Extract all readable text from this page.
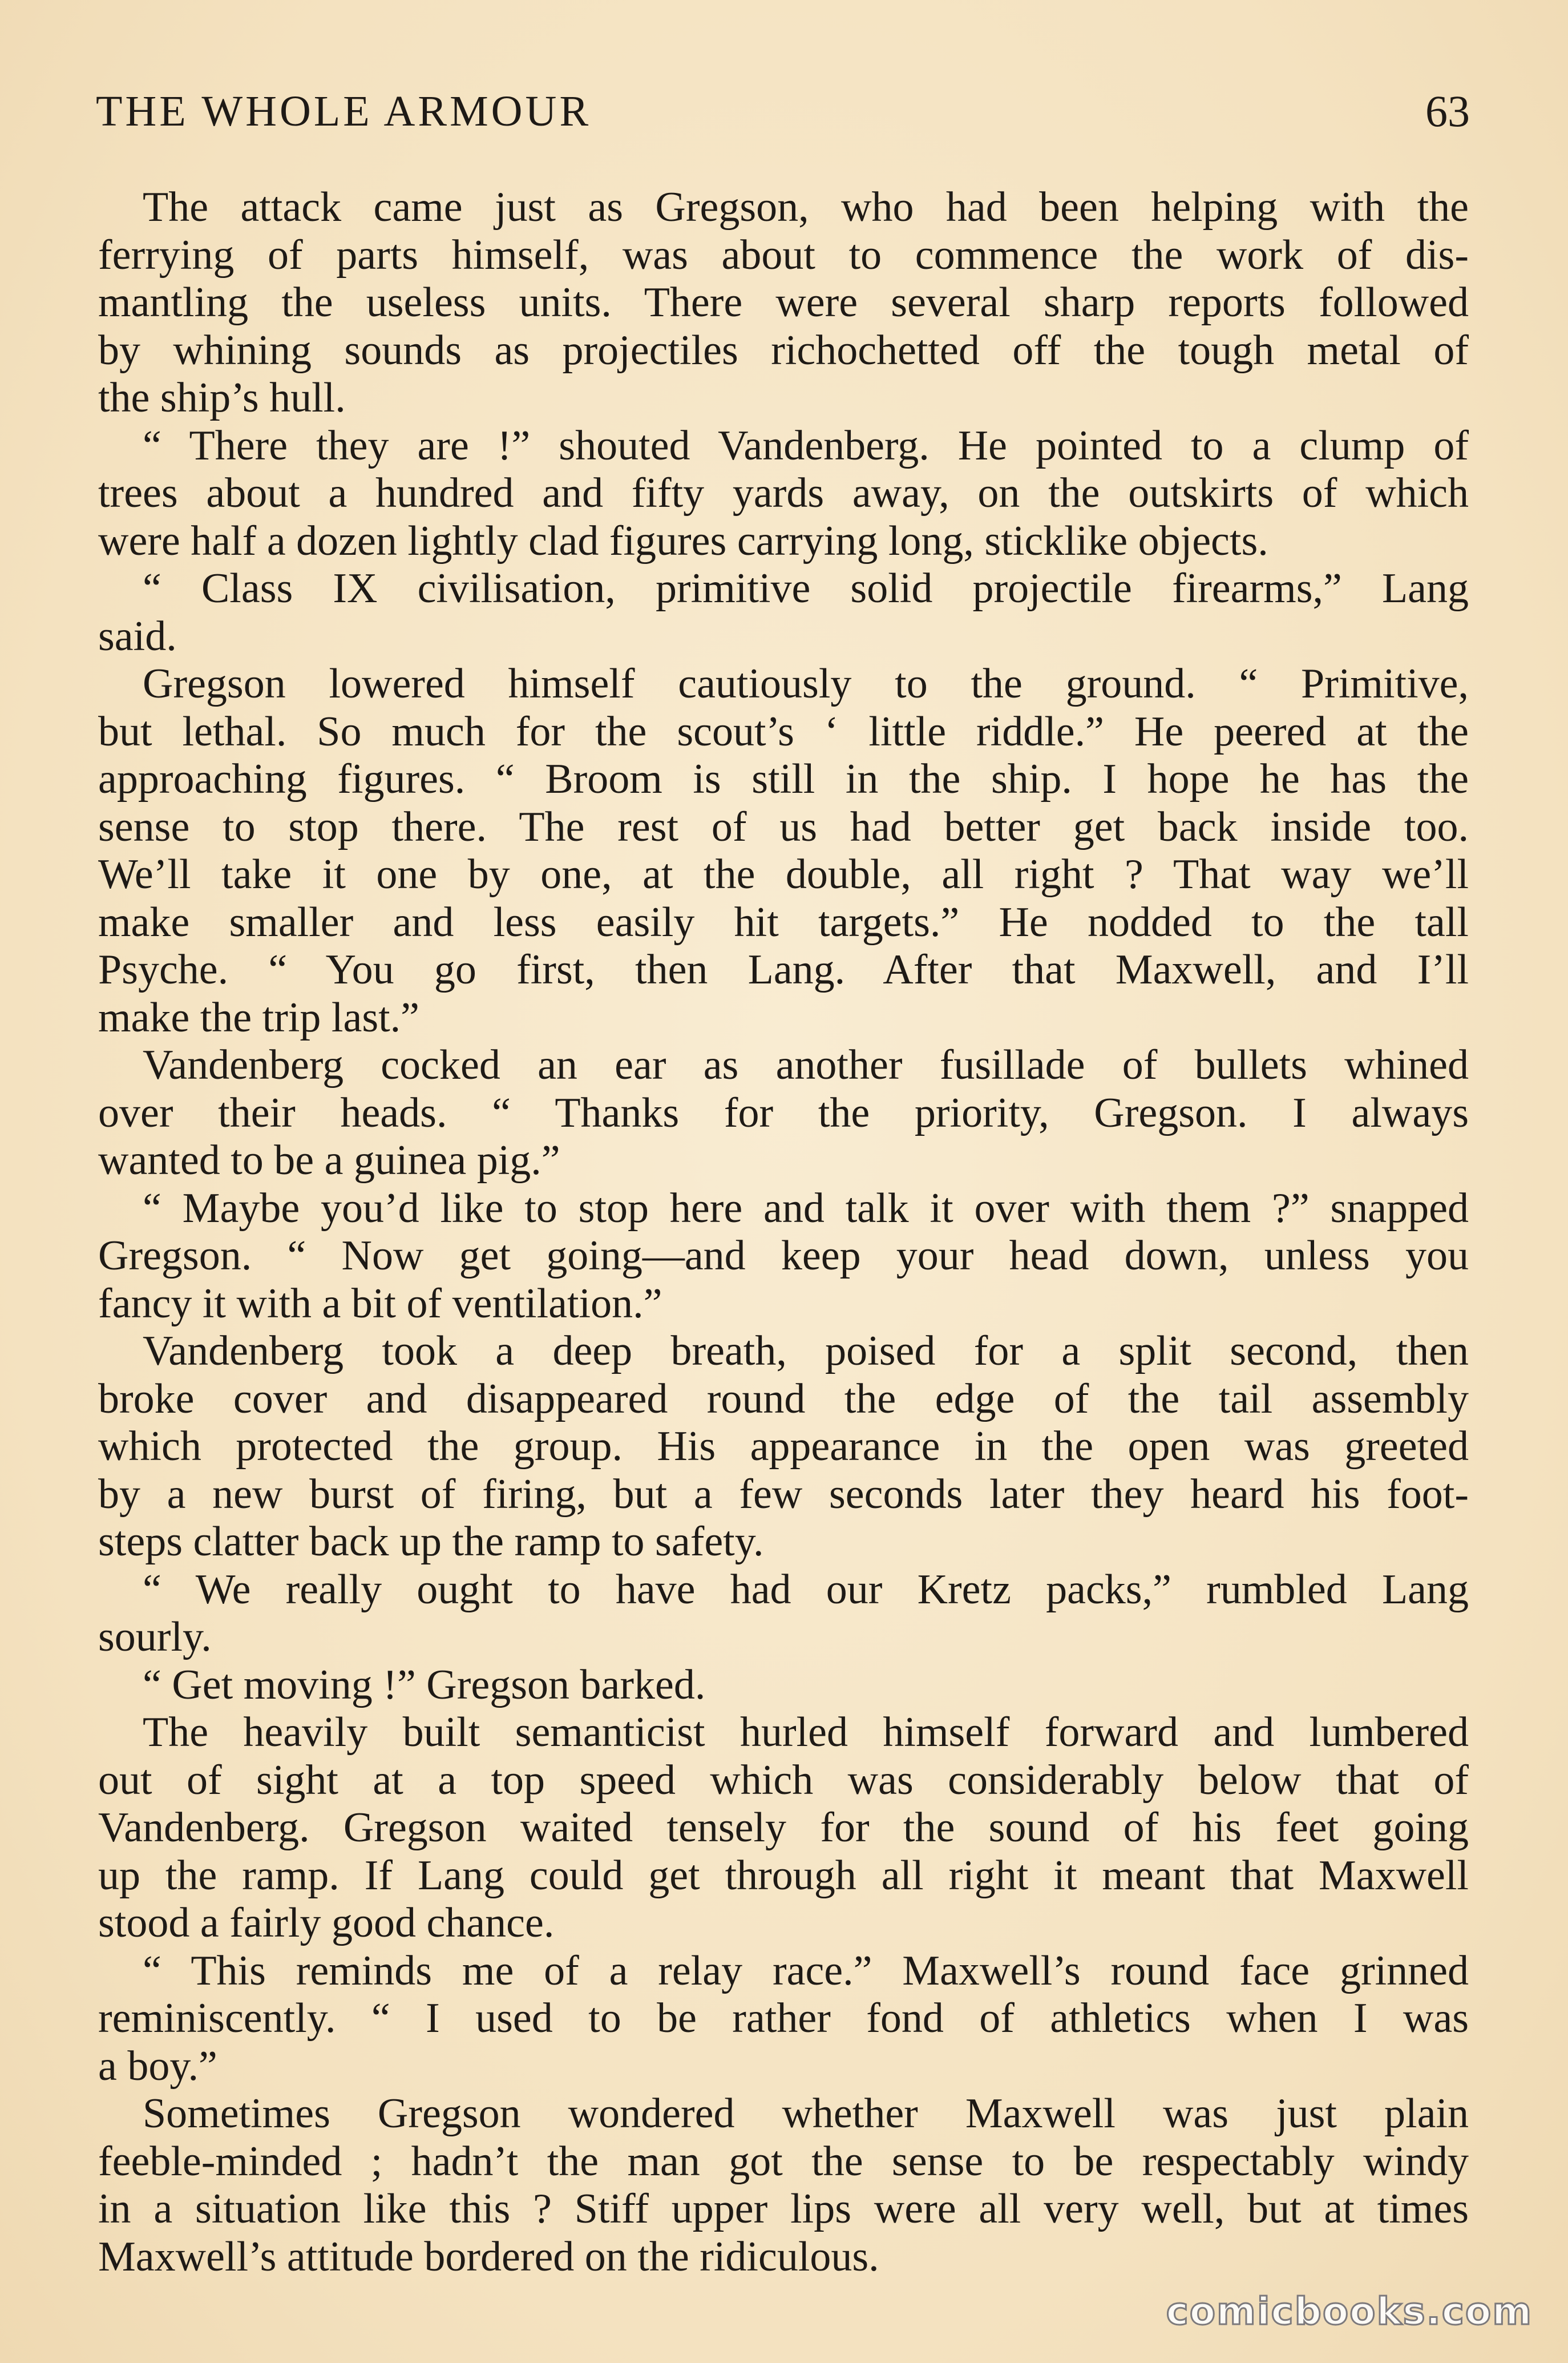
THE WHOLE ARMOUR	63
The attack came just as Gregson, who had been helping with the
ferrying of parts himself, was about to commence the work of dis-
mantling the useless units. There were several sharp reports followed
by whining sounds as projectiles richochetted off the tough metal of
the ship’s hull.
“ There they are !” shouted Vandenberg. He pointed to a clump of
trees about a hundred and fifty yards away, on the outskirts of which
were half a dozen lightly clad figures carrying long, sticklike objects.
“ Class IX civilisation, primitive solid projectile firearms,” Lang
said.
Gregson lowered himself cautiously to the ground. “ Primitive,
but lethal. So much for the scout’s ‘ little riddle.” He peered at the
approaching figures. “ Broom is still in the ship. I hope he has the
sense to stop there. The rest of us had better get back inside too.
We’ll take it one by one, at the double, all right ? That way we’ll
make smaller and less easily hit targets.” He nodded to the tall
Psyche. “ You go first, then Lang. After that Maxwell, and I’ll
make the trip last.”
Vandenberg cocked an ear as another fusillade of bullets whined
over their heads. “ Thanks for the priority, Gregson. I always
wanted to be a guinea pig.”
“ Maybe you’d like to stop here and talk it over with them ?” snapped
Gregson. “ Now get going—and keep your head down, unless you
fancy it with a bit of ventilation.”
Vandenberg took a deep breath, poised for a split second, then
broke cover and disappeared round the edge of the tail assembly
which protected the group. His appearance in the open was greeted
by a new burst of firing, but a few seconds later they heard his foot-
steps clatter back up the ramp to safety.
“ We really ought to have had our Kretz packs,” rumbled Lang
sourly.
“ Get moving !” Gregson barked.
The heavily built semanticist hurled himself forward and lumbered
out of sight at a top speed which was considerably below that of
Vandenberg. Gregson waited tensely for the sound of his feet going
up the ramp. If Lang could get through all right it meant that Maxwell
stood a fairly good chance.
“ This reminds me of a relay race.” Maxwell’s round face grinned
reminiscently. “ I used to be rather fond of athletics when I was
a boy.”
Sometimes Gregson wondered whether Maxwell was just plain
feeble-minded ; hadn’t the man got the sense to be respectably windy
in a situation like this ? Stiff upper lips were all very well, but at times
Maxwell’s attitude bordered on the ridiculous.
comicbooks.com
